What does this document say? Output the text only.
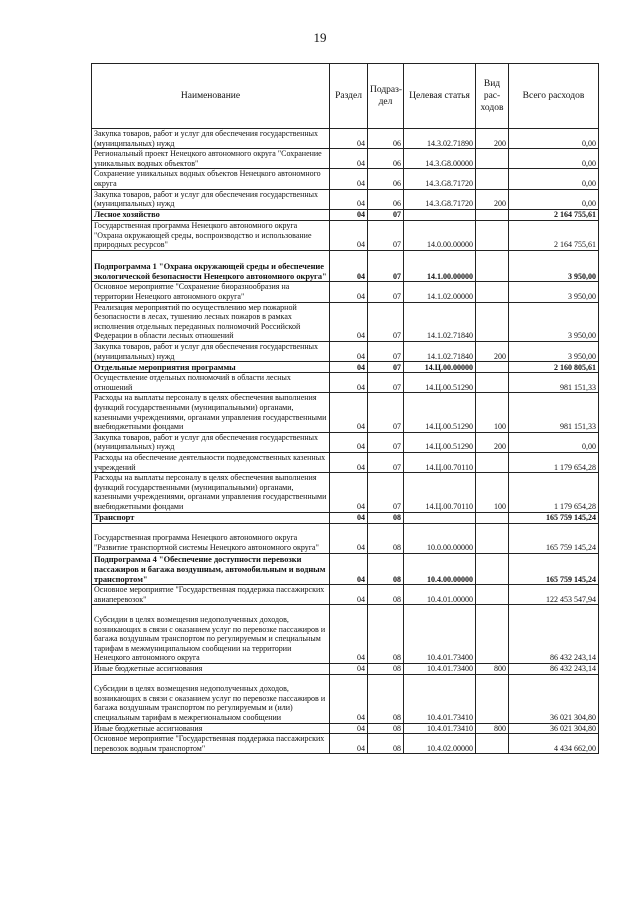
19
Наименование	Раздел	Подраз-дел	Целевая статья	Вид рас-ходов	Всего расходов
Закупка товаров, работ и услуг для обеспечения государственных (муниципальных) нужд	04	06	14.3.02.71890	200	0,00
Региональный проект Ненецкого автономного округа "Сохранение уникальных водных объектов"	04	06	14.3.G8.00000		0,00
Сохранение уникальных водных объектов Ненецкого автономного округа	04	06	14.3.G8.71720		0,00
Закупка товаров, работ и услуг для обеспечения государственных (муниципальных) нужд	04	06	14.3.G8.71720	200	0,00
Лесное хозяйство	04	07			2 164 755,61
Государственная программа Ненецкого автономного округа "Охрана окружающей среды, воспроизводство и использование природных ресурсов"	04	07	14.0.00.00000		2 164 755,61
Подпрограмма 1 "Охрана окружающей среды и обеспечение экологической безопасности Ненецкого автономного округа"	04	07	14.1.00.00000		3 950,00
Основное мероприятие "Сохранение биоразнообразия на территории Ненецкого автономного округа"	04	07	14.1.02.00000		3 950,00
Реализация мероприятий по осуществлению мер пожарной безопасности в лесах, тушению лесных пожаров в рамках исполнения отдельных переданных полномочий Российской Федерации в области лесных отношений	04	07	14.1.02.71840		3 950,00
Закупка товаров, работ и услуг для обеспечения государственных (муниципальных) нужд	04	07	14.1.02.71840	200	3 950,00
Отдельные мероприятия программы	04	07	14.Ц.00.00000		2 160 805,61
Осуществление отдельных полномочий в области лесных отношений	04	07	14.Ц.00.51290		981 151,33
Расходы на выплаты персоналу в целях обеспечения выполнения функций государственными (муниципальными) органами, казенными учреждениями, органами управления государственными внебюджетными фондами	04	07	14.Ц.00.51290	100	981 151,33
Закупка товаров, работ и услуг для обеспечения государственных (муниципальных) нужд	04	07	14.Ц.00.51290	200	0,00
Расходы на обеспечение деятельности подведомственных казенных учреждений	04	07	14.Ц.00.70110		1 179 654,28
Расходы на выплаты персоналу в целях обеспечения выполнения функций государственными (муниципальными) органами, казенными учреждениями, органами управления государственными внебюджетными фондами	04	07	14.Ц.00.70110	100	1 179 654,28
Транспорт	04	08			165 759 145,24
Государственная программа Ненецкого автономного округа "Развитие транспортной системы Ненецкого автономного округа"	04	08	10.0.00.00000		165 759 145,24
Подпрограмма 4 "Обеспечение доступности перевозки пассажиров и багажа воздушным, автомобильным и водным транспортом"	04	08	10.4.00.00000		165 759 145,24
Основное мероприятие "Государственная поддержка пассажирских авиаперевозок"	04	08	10.4.01.00000		122 453 547,94
Субсидии в целях возмещения недополученных доходов, возникающих в связи с оказанием услуг по перевозке пассажиров и багажа воздушным транспортом по регулируемым и специальным тарифам в межмуниципальном сообщении на территории Ненецкого автономного округа	04	08	10.4.01.73400		86 432 243,14
Иные бюджетные ассигнования	04	08	10.4.01.73400	800	86 432 243,14
Субсидии в целях возмещения недополученных доходов, возникающих в связи с оказанием услуг по перевозке пассажиров и багажа воздушным транспортом по регулируемым и (или) специальным тарифам в межрегиональном сообщении	04	08	10.4.01.73410		36 021 304,80
Иные бюджетные ассигнования	04	08	10.4.01.73410	800	36 021 304,80
Основное мероприятие "Государственная поддержка пассажирских перевозок водным транспортом"	04	08	10.4.02.00000		4 434 662,00
